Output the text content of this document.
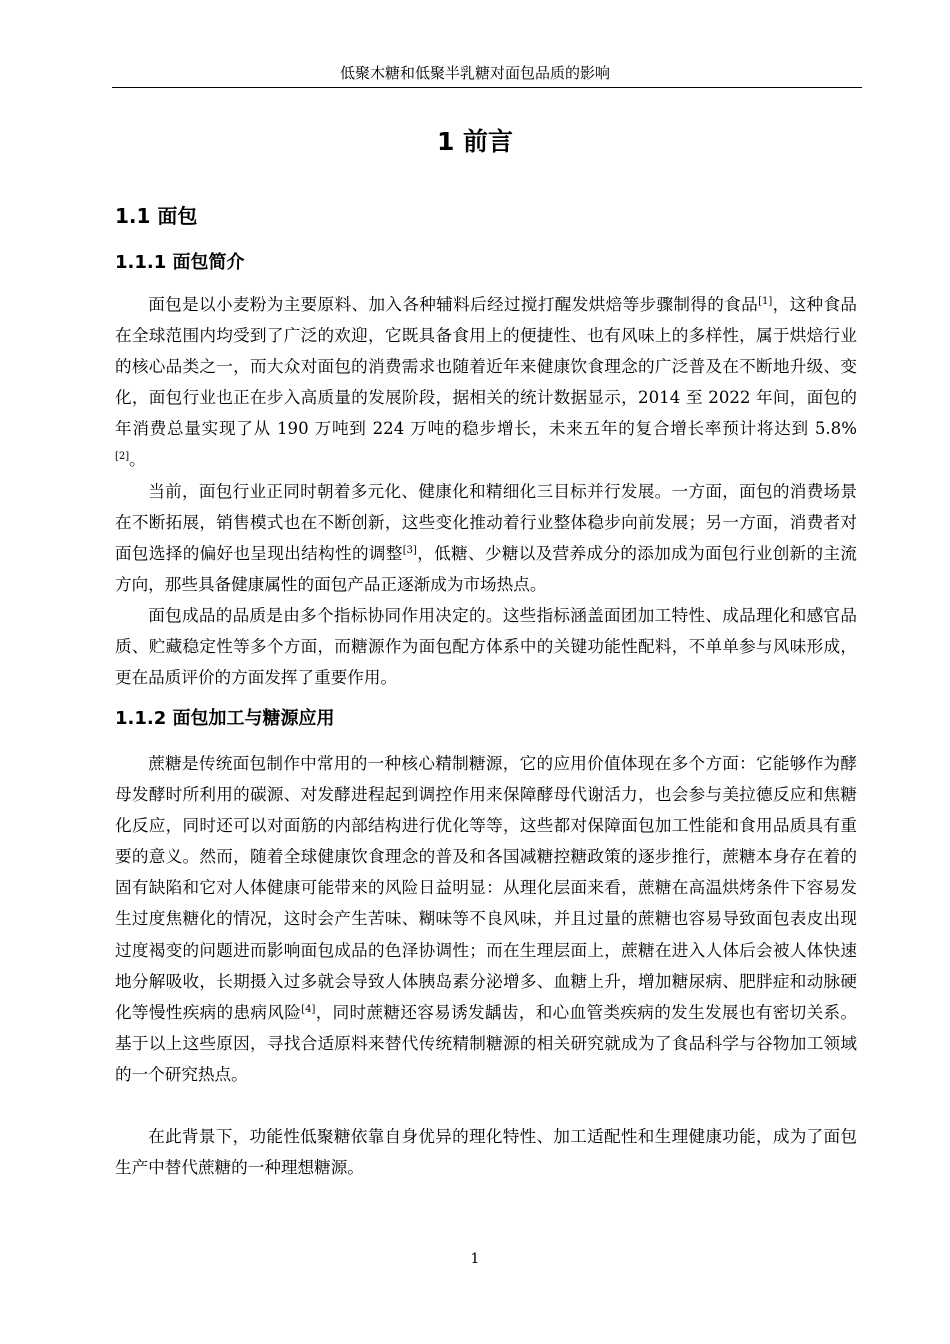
低聚木糖和低聚半乳糖对面包品质的影响
1 前言
1.1 面包
1.1.1 面包简介

面包是以小麦粉为主要原料、加入各种辅料后经过搅打醒发烘焙等步骤制得的食品[1]，这种食品在全球范围内均受到了广泛的欢迎，它既具备食用上的便捷性、也有风味上的多样性，属于烘焙行业的核心品类之一，而大众对面包的消费需求也随着近年来健康饮食理念的广泛普及在不断地升级、变化，面包行业也正在步入高质量的发展阶段，据相关的统计数据显示，2014 至 2022 年间，面包的年消费总量实现了从 190 万吨到 224 万吨的稳步增长，未来五年的复合增长率预计将达到 5.8%[2]。

当前，面包行业正同时朝着多元化、健康化和精细化三目标并行发展。一方面，面包的消费场景在不断拓展，销售模式也在不断创新，这些变化推动着行业整体稳步向前发展；另一方面，消费者对面包选择的偏好也呈现出结构性的调整[3]，低糖、少糖以及营养成分的添加成为面包行业创新的主流方向，那些具备健康属性的面包产品正逐渐成为市场热点。

面包成品的品质是由多个指标协同作用决定的。这些指标涵盖面团加工特性、成品理化和感官品质、贮藏稳定性等多个方面，而糖源作为面包配方体系中的关键功能性配料，不单单参与风味形成，更在品质评价的方面发挥了重要作用。

1.1.2 面包加工与糖源应用

蔗糖是传统面包制作中常用的一种核心精制糖源，它的应用价值体现在多个方面：它能够作为酵母发酵时所利用的碳源、对发酵进程起到调控作用来保障酵母代谢活力，也会参与美拉德反应和焦糖化反应，同时还可以对面筋的内部结构进行优化等等，这些都对保障面包加工性能和食用品质具有重要的意义。然而，随着全球健康饮食理念的普及和各国减糖控糖政策的逐步推行，蔗糖本身存在着的固有缺陷和它对人体健康可能带来的风险日益明显：从理化层面来看，蔗糖在高温烘烤条件下容易发生过度焦糖化的情况，这时会产生苦味、糊味等不良风味，并且过量的蔗糖也容易导致面包表皮出现过度褐变的问题进而影响面包成品的色泽协调性；而在生理层面上，蔗糖在进入人体后会被人体快速地分解吸收，长期摄入过多就会导致人体胰岛素分泌增多、血糖上升，增加糖尿病、肥胖症和动脉硬化等慢性疾病的患病风险[4]，同时蔗糖还容易诱发龋齿，和心血管类疾病的发生发展也有密切关系。基于以上这些原因，寻找合适原料来替代传统精制糖源的相关研究就成为了食品科学与谷物加工领域的一个研究热点。

在此背景下，功能性低聚糖依靠自身优异的理化特性、加工适配性和生理健康功能，成为了面包生产中替代蔗糖的一种理想糖源。

1
